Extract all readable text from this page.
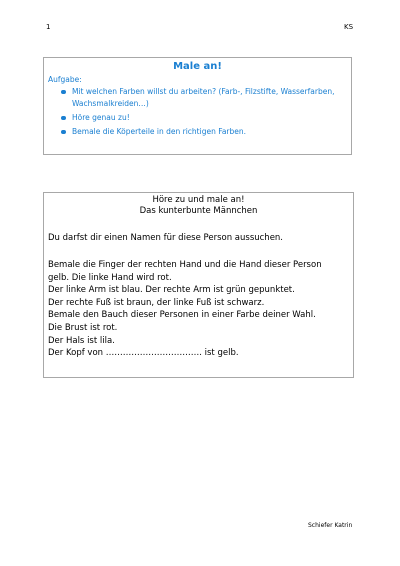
1	KS
Male an!
Aufgabe:
Mit welchen Farben willst du arbeiten? (Farb-, Filzstifte, Wasserfarben, Wachsmalkreiden…)
Höre genau zu!
Bemale die Köperteile in den richtigen Farben.
Höre zu und male an!
Das kunterbunte Männchen
Du darfst dir einen Namen für diese Person aussuchen.
Bemale die Finger der rechten Hand und die Hand dieser Person
gelb. Die linke Hand wird rot.
Der linke Arm ist blau. Der rechte Arm ist grün gepunktet.
Der rechte Fuß ist braun, der linke Fuß ist schwarz.
Bemale den Bauch dieser Personen in einer Farbe deiner Wahl.
Die Brust ist rot.
Der Hals ist lila.
Der Kopf von ……………………………. ist gelb.
Schiefer Katrin
